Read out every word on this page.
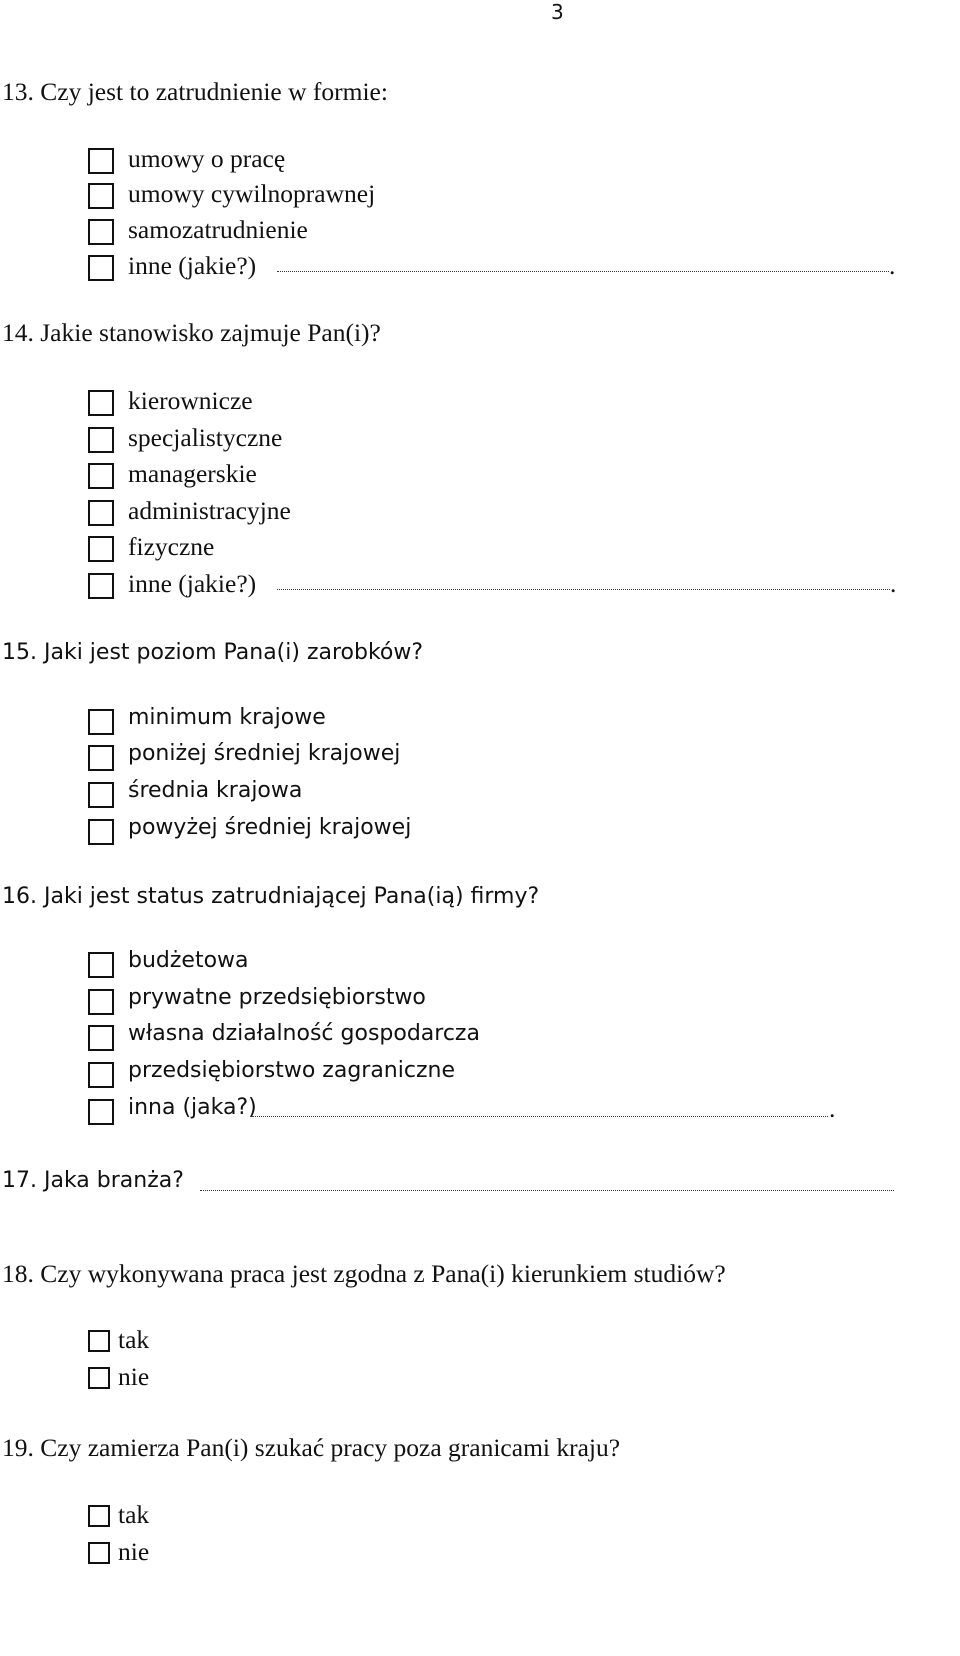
3
13. Czy jest to zatrudnienie w formie:
umowy o pracę
umowy cywilnoprawnej
samozatrudnienie
inne (jakie?)	.
14. Jakie stanowisko zajmuje Pan(i)?
kierownicze
specjalistyczne
managerskie
administracyjne
fizyczne
inne (jakie?)	.
15. Jaki jest poziom Pana(i) zarobków?
minimum krajowe
poniżej średniej krajowej
średnia krajowa
powyżej średniej krajowej
16. Jaki jest status zatrudniającej Pana(ią) firmy?
budżetowa
prywatne przedsiębiorstwo
własna działalność gospodarcza
przedsiębiorstwo zagraniczne
inna (jaka?)	.
17. Jaka branża?
18. Czy wykonywana praca jest zgodna z Pana(i) kierunkiem studiów?
tak
nie
19. Czy zamierza Pan(i) szukać pracy poza granicami kraju?
tak
nie
